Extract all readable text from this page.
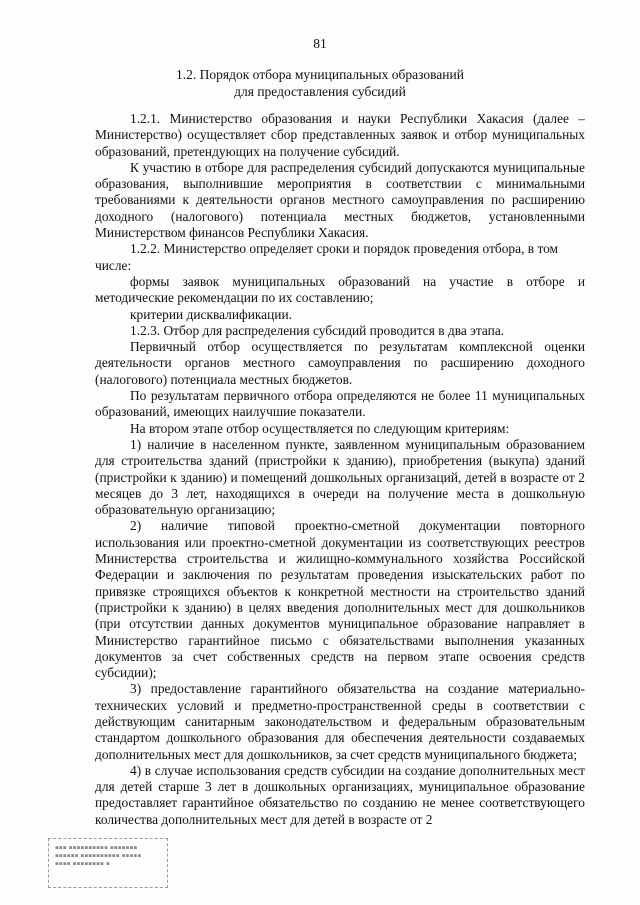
81
1.2. Порядок отбора муниципальных образований
для предоставления субсидий

1.2.1. Министерство образования и науки Республики Хакасия (далее – Министерство) осуществляет сбор представленных заявок и отбор муниципальных образований, претендующих на получение субсидий.

К участию в отборе для распределения субсидий допускаются муниципальные образования, выполнившие мероприятия в соответствии с минимальными требованиями к деятельности органов местного самоуправления по расширению доходного (налогового) потенциала местных бюджетов, установленными Министерством финансов Республики Хакасия.

1.2.2. Министерство определяет сроки и порядок проведения отбора, в том

числе:

формы заявок муниципальных образований на участие в отборе и методические рекомендации по их составлению;

критерии дисквалификации.

1.2.3. Отбор для распределения субсидий проводится в два этапа.

Первичный отбор осуществляется по результатам комплексной оценки деятельности органов местного самоуправления по расширению доходного (налогового) потенциала местных бюджетов.

По результатам первичного отбора определяются не более 11 муниципальных образований, имеющих наилучшие показатели.

На втором этапе отбор осуществляется по следующим критериям:

1) наличие в населенном пункте, заявленном муниципальным образованием для строительства зданий (пристройки к зданию), приобретения (выкупа) зданий (пристройки к зданию) и помещений дошкольных организаций, детей в возрасте от 2 месяцев до 3 лет, находящихся в очереди на получение места в дошкольную образовательную организацию;

2) наличие типовой проектно-сметной документации повторного использования или проектно-сметной документации из соответствующих реестров Министерства строительства и жилищно-коммунального хозяйства Российской Федерации и заключения по результатам проведения изыскательских работ по привязке строящихся объектов к конкретной местности на строительство зданий (пристройки к зданию) в целях введения дополнительных мест для дошкольников (при отсутствии данных документов муниципальное образование направляет в Министерство гарантийное письмо с обязательствами выполнения указанных документов за счет собственных средств на первом этапе освоения средств субсидии);

3) предоставление гарантийного обязательства на создание материально-технических условий и предметно-пространственной среды в соответствии с действующим санитарным законодательством и федеральным образовательным стандартом дошкольного образования для обеспечения деятельности создаваемых дополнительных мест для дошкольников, за счет средств муниципального бюджета;

4) в случае использования средств субсидии на создание дополнительных мест для детей старше 3 лет в дошкольных организациях, муниципальное образование предоставляет гарантийное обязательство по созданию не менее соответствующего количества дополнительных мест для детей в возрасте от 2

▪▪▪ ▪▪▪▪▪▪▪▪▪▪ ▪▪▪▪▪▪▪
▪▪▪▪▪▪ ▪▪▪▪▪▪▪▪▪▪ ▪▪▪▪▪
▪▪▪▪ ▪▪▪▪▪▪▪▪ ▪
